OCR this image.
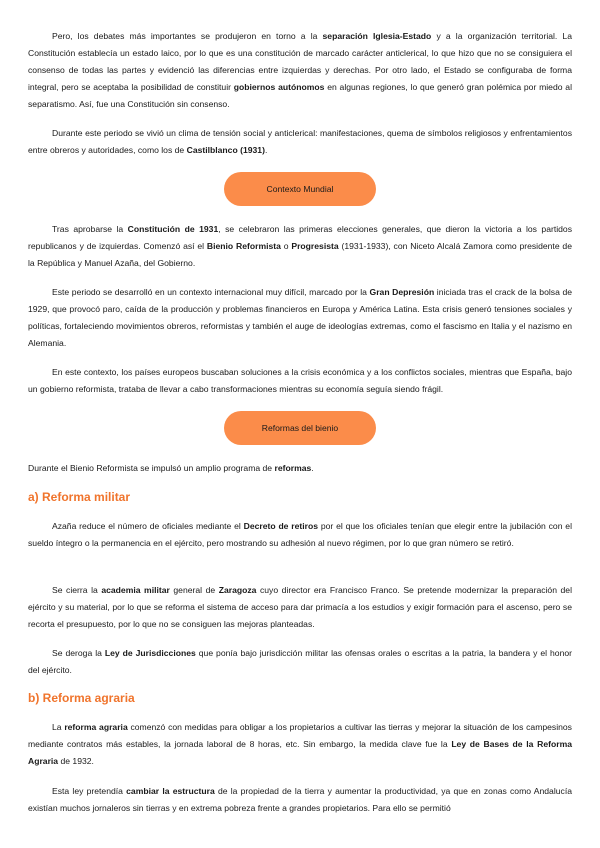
Pero, los debates más importantes se produjeron en torno a la separación Iglesia-Estado y a la organización territorial. La Constitución establecía un estado laico, por lo que es una constitución de marcado carácter anticlerical, lo que hizo que no se consiguiera el consenso de todas las partes y evidenció las diferencias entre izquierdas y derechas. Por otro lado, el Estado se configuraba de forma integral, pero se aceptaba la posibilidad de constituir gobiernos autónomos en algunas regiones, lo que generó gran polémica por miedo al separatismo. Así, fue una Constitución sin consenso.

Durante este periodo se vivió un clima de tensión social y anticlerical: manifestaciones, quema de símbolos religiosos y enfrentamientos entre obreros y autoridades, como los de Castilblanco (1931).

Contexto Mundial

Tras aprobarse la Constitución de 1931, se celebraron las primeras elecciones generales, que dieron la victoria a los partidos republicanos y de izquierdas. Comenzó así el Bienio Reformista o Progresista (1931-1933), con Niceto Alcalá Zamora como presidente de la República y Manuel Azaña, del Gobierno.

Este periodo se desarrolló en un contexto internacional muy difícil, marcado por la Gran Depresión iniciada tras el crack de la bolsa de 1929, que provocó paro, caída de la producción y problemas financieros en Europa y América Latina. Esta crisis generó tensiones sociales y políticas, fortaleciendo movimientos obreros, reformistas y también el auge de ideologías extremas, como el fascismo en Italia y el nazismo en Alemania.

En este contexto, los países europeos buscaban soluciones a la crisis económica y a los conflictos sociales, mientras que España, bajo un gobierno reformista, trataba de llevar a cabo transformaciones mientras su economía seguía siendo frágil.

Reformas del bienio

Durante el Bienio Reformista se impulsó un amplio programa de reformas.

a) Reforma militar

Azaña reduce el número de oficiales mediante el Decreto de retiros por el que los oficiales tenían que elegir entre la jubilación con el sueldo íntegro o la permanencia en el ejército, pero mostrando su adhesión al nuevo régimen, por lo que gran número se retiró.

Se cierra la academia militar general de Zaragoza cuyo director era Francisco Franco. Se pretende modernizar la preparación del ejército y su material, por lo que se reforma el sistema de acceso para dar primacía a los estudios y exigir formación para el ascenso, pero se recorta el presupuesto, por lo que no se consiguen las mejoras planteadas.

Se deroga la Ley de Jurisdicciones que ponía bajo jurisdicción militar las ofensas orales o escritas a la patria, la bandera y el honor del ejército.

b) Reforma agraria

La reforma agraria comenzó con medidas para obligar a los propietarios a cultivar las tierras y mejorar la situación de los campesinos mediante contratos más estables, la jornada laboral de 8 horas, etc. Sin embargo, la medida clave fue la Ley de Bases de la Reforma Agraria de 1932.

Esta ley pretendía cambiar la estructura de la propiedad de la tierra y aumentar la productividad, ya que en zonas como Andalucía existían muchos jornaleros sin tierras y en extrema pobreza frente a grandes propietarios. Para ello se permitió
